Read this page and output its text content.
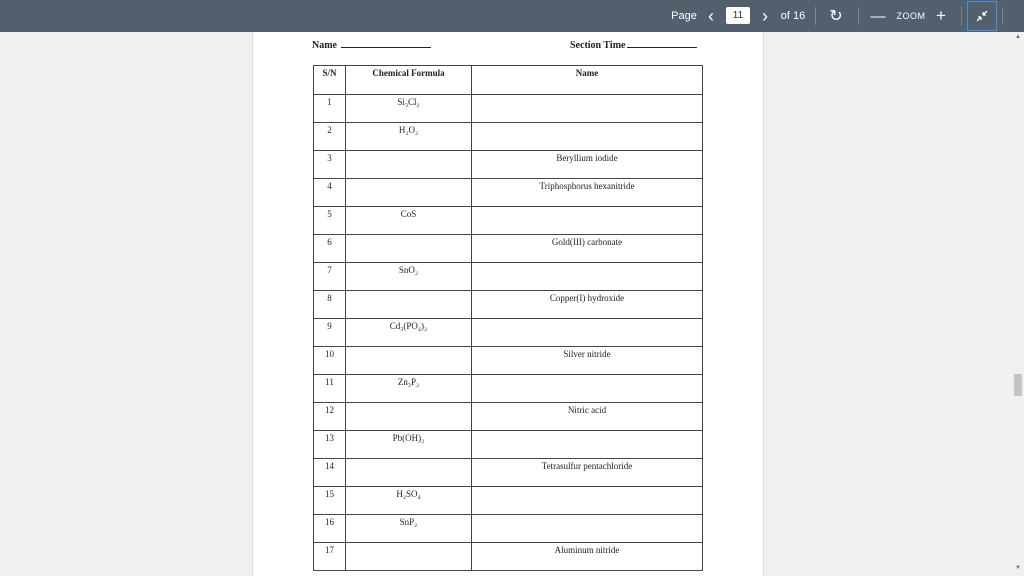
Page ‹
11	›	of 16 ↻ — ZOOM +
Name	Section Time
S/N	Chemical Formula	Name
1	Si₃Cl₂	
2	H₂O₂	
3		Beryllium iodide
4		Triphosphorus hexanitride
5	CoS	
6		Gold(III) carbonate
7	SnO₂	
8		Copper(I) hydroxide
9	Cd₃(PO₄)₂	
10		Silver nitride
11	Zn₃P₂	
12		Nitric acid
13	Pb(OH)₂	
14		Tetrasulfur pentachloride
15	H₂SO₄	
16	SnP₂	
17		Aluminum nitride
▲
▼
